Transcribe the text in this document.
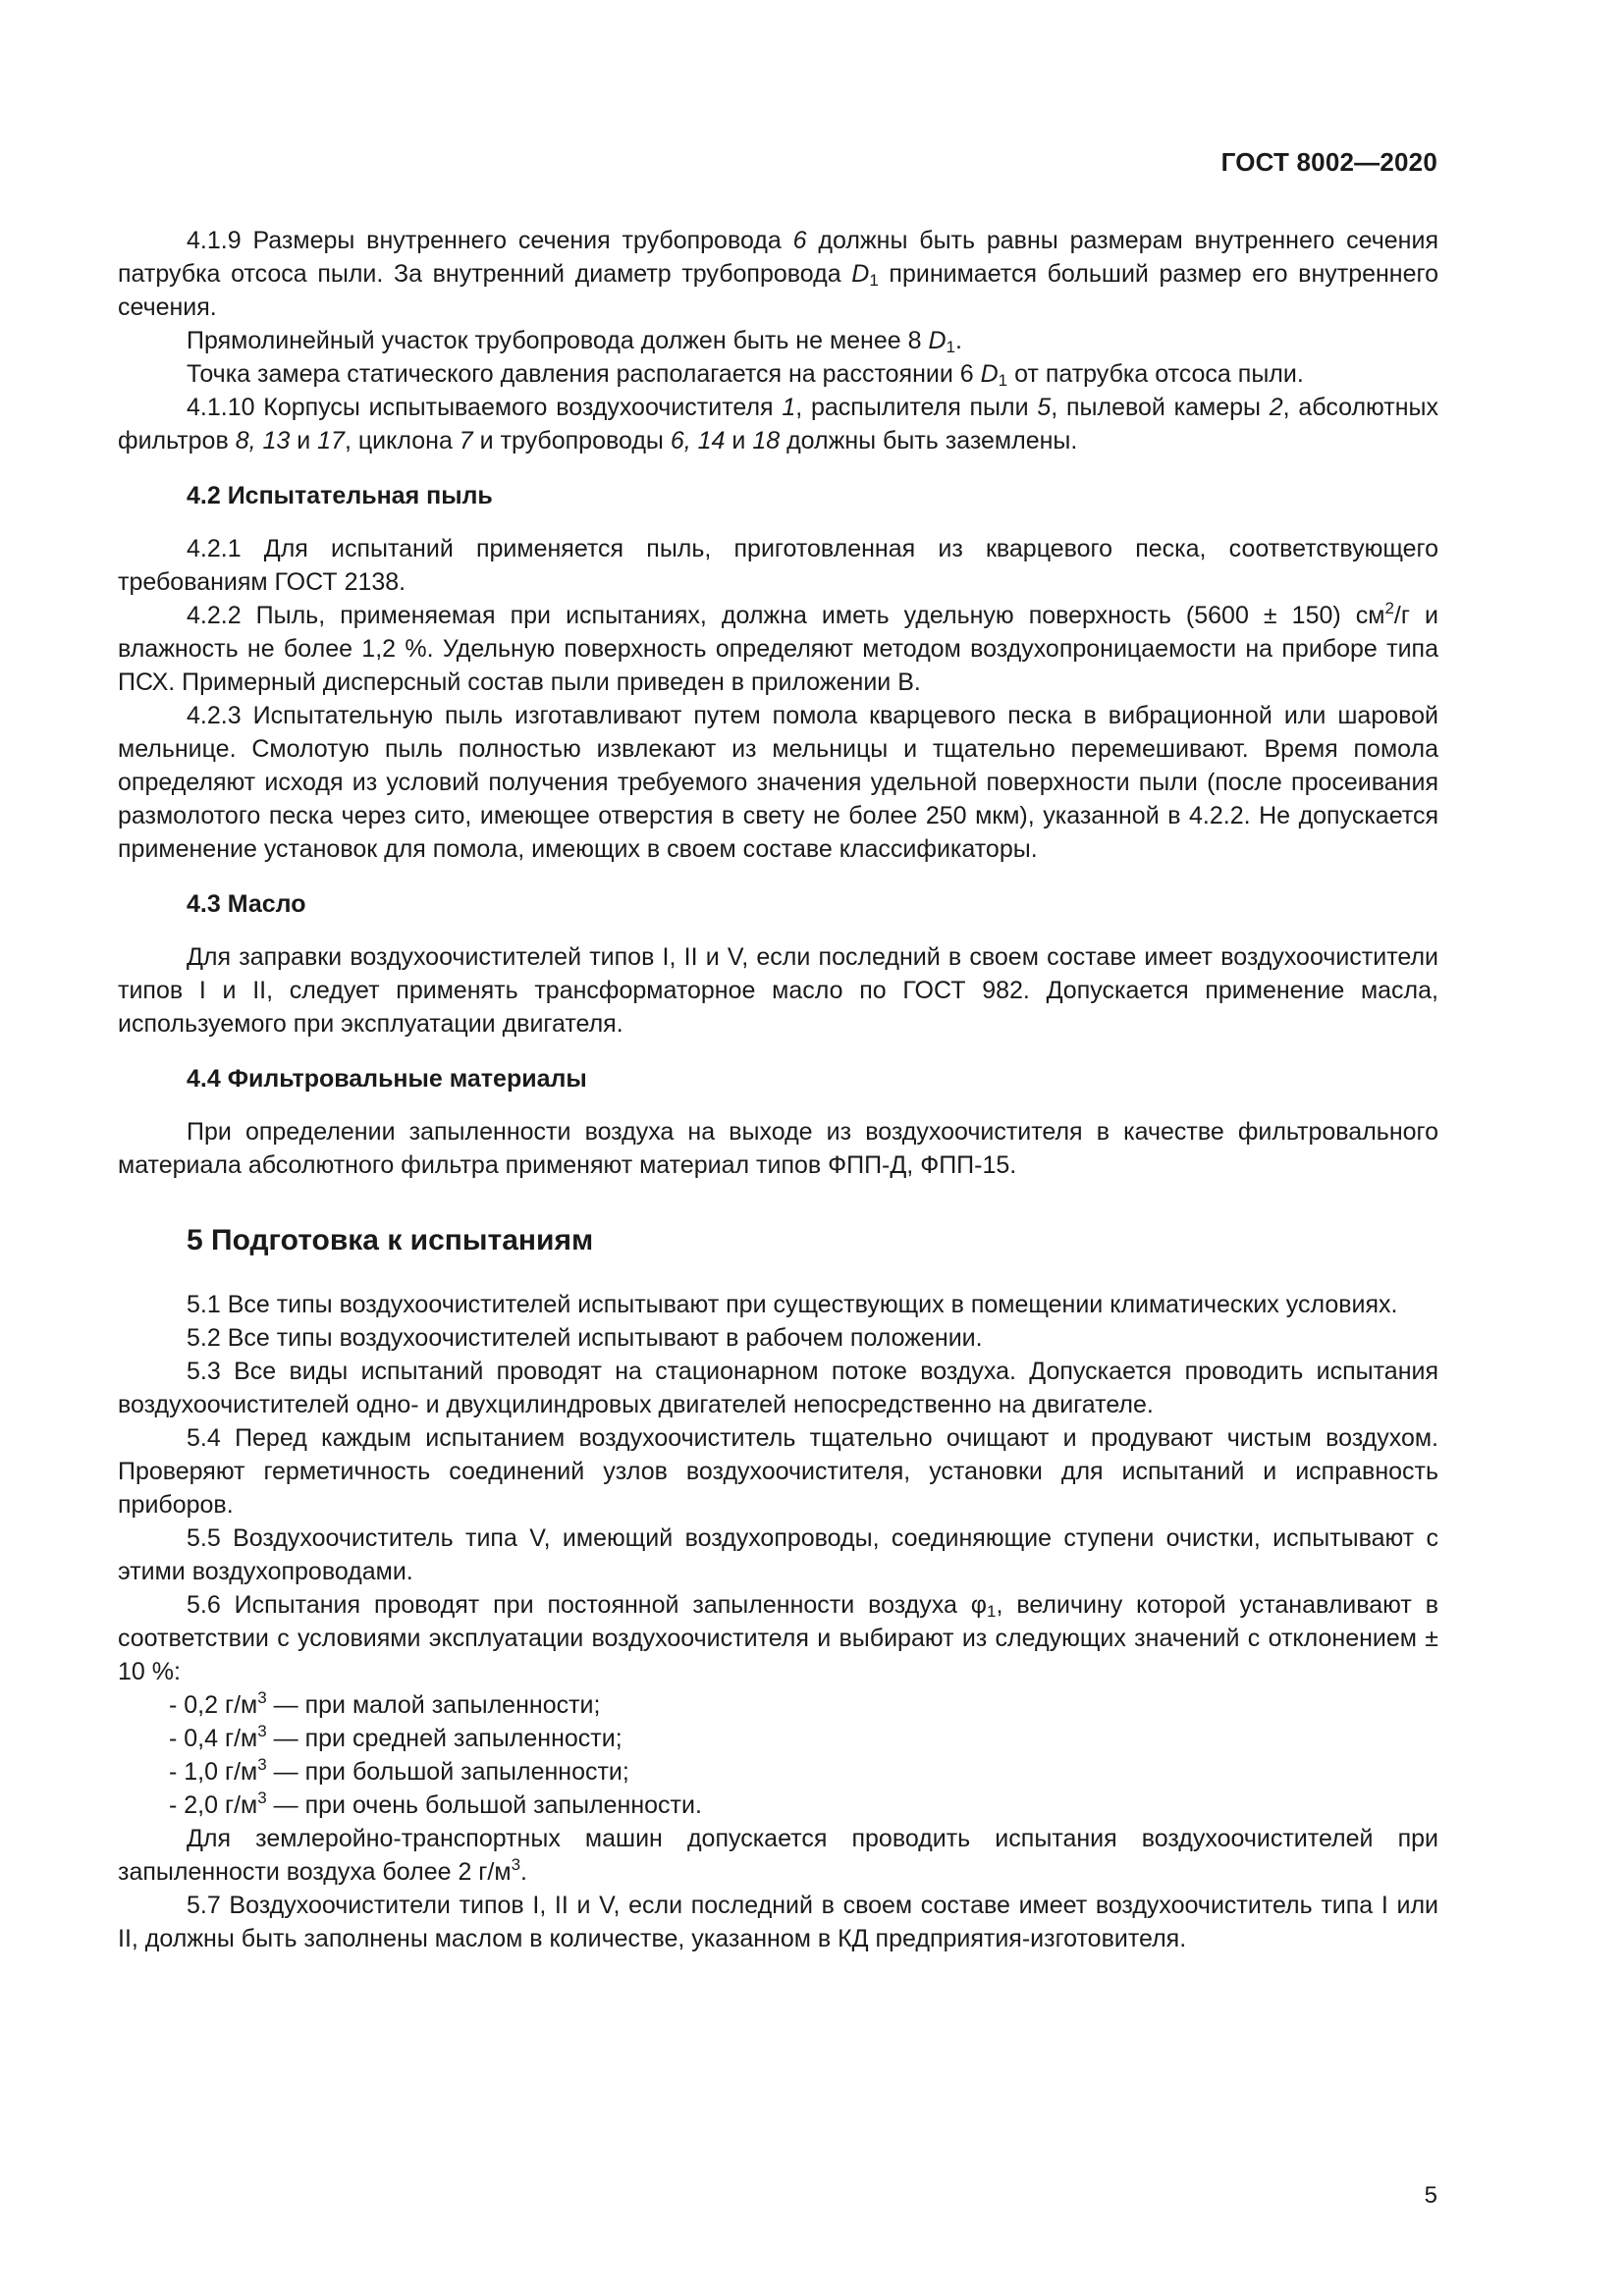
ГОСТ 8002—2020

4.1.9 Размеры внутреннего сечения трубопровода 6 должны быть равны размерам внутреннего сечения патрубка отсоса пыли. За внутренний диаметр трубопровода $D_1$ принимается больший размер его внутреннего сечения.

Прямолинейный участок трубопровода должен быть не менее 8 $D_1$.

Точка замера статического давления располагается на расстоянии 6 $D_1$ от патрубка отсоса пыли.

4.1.10 Корпусы испытываемого воздухоочистителя 1, распылителя пыли 5, пылевой камеры 2, абсолютных фильтров 8, 13 и 17, циклона 7 и трубопроводы 6, 14 и 18 должны быть заземлены.

4.2 Испытательная пыль

4.2.1 Для испытаний применяется пыль, приготовленная из кварцевого песка, соответствующего требованиям ГОСТ 2138.

4.2.2 Пыль, применяемая при испытаниях, должна иметь удельную поверхность (5600 ± 150) $см^2/г$ и влажность не более 1,2 %. Удельную поверхность определяют методом воздухопроницаемости на приборе типа ПСХ. Примерный дисперсный состав пыли приведен в приложении В.

4.2.3 Испытательную пыль изготавливают путем помола кварцевого песка в вибрационной или шаровой мельнице. Смолотую пыль полностью извлекают из мельницы и тщательно перемешивают. Время помола определяют исходя из условий получения требуемого значения удельной поверхности пыли (после просеивания размолотого песка через сито, имеющее отверстия в свету не более 250 мкм), указанной в 4.2.2. Не допускается применение установок для помола, имеющих в своем составе классификаторы.

4.3 Масло

Для заправки воздухоочистителей типов I, II и V, если последний в своем составе имеет воздухоочистители типов I и II, следует применять трансформаторное масло по ГОСТ 982. Допускается применение масла, используемого при эксплуатации двигателя.

4.4 Фильтровальные материалы

При определении запыленности воздуха на выходе из воздухоочистителя в качестве фильтровального материала абсолютного фильтра применяют материал типов ФПП-Д, ФПП-15.

5 Подготовка к испытаниям

5.1 Все типы воздухоочистителей испытывают при существующих в помещении климатических условиях.

5.2 Все типы воздухоочистителей испытывают в рабочем положении.

5.3 Все виды испытаний проводят на стационарном потоке воздуха. Допускается проводить испытания воздухоочистителей одно- и двухцилиндровых двигателей непосредственно на двигателе.

5.4 Перед каждым испытанием воздухоочиститель тщательно очищают и продувают чистым воздухом. Проверяют герметичность соединений узлов воздухоочистителя, установки для испытаний и исправность приборов.

5.5 Воздухоочиститель типа V, имеющий воздухопроводы, соединяющие ступени очистки, испытывают с этими воздухопроводами.

5.6 Испытания проводят при постоянной запыленности воздуха $\varphi_1$, величину которой устанавливают в соответствии с условиями эксплуатации воздухоочистителя и выбирают из следующих значений с отклонением ± 10 %:

- 0,2 $г/м^3$ — при малой запыленности;

- 0,4 $г/м^3$ — при средней запыленности;

- 1,0 $г/м^3$ — при большой запыленности;

- 2,0 $г/м^3$ — при очень большой запыленности.

Для землеройно-транспортных машин допускается проводить испытания воздухоочистителей при запыленности воздуха более 2 $г/м^3$.

5.7 Воздухоочистители типов I, II и V, если последний в своем составе имеет воздухоочиститель типа I или II, должны быть заполнены маслом в количестве, указанном в КД предприятия-изготовителя.

5
